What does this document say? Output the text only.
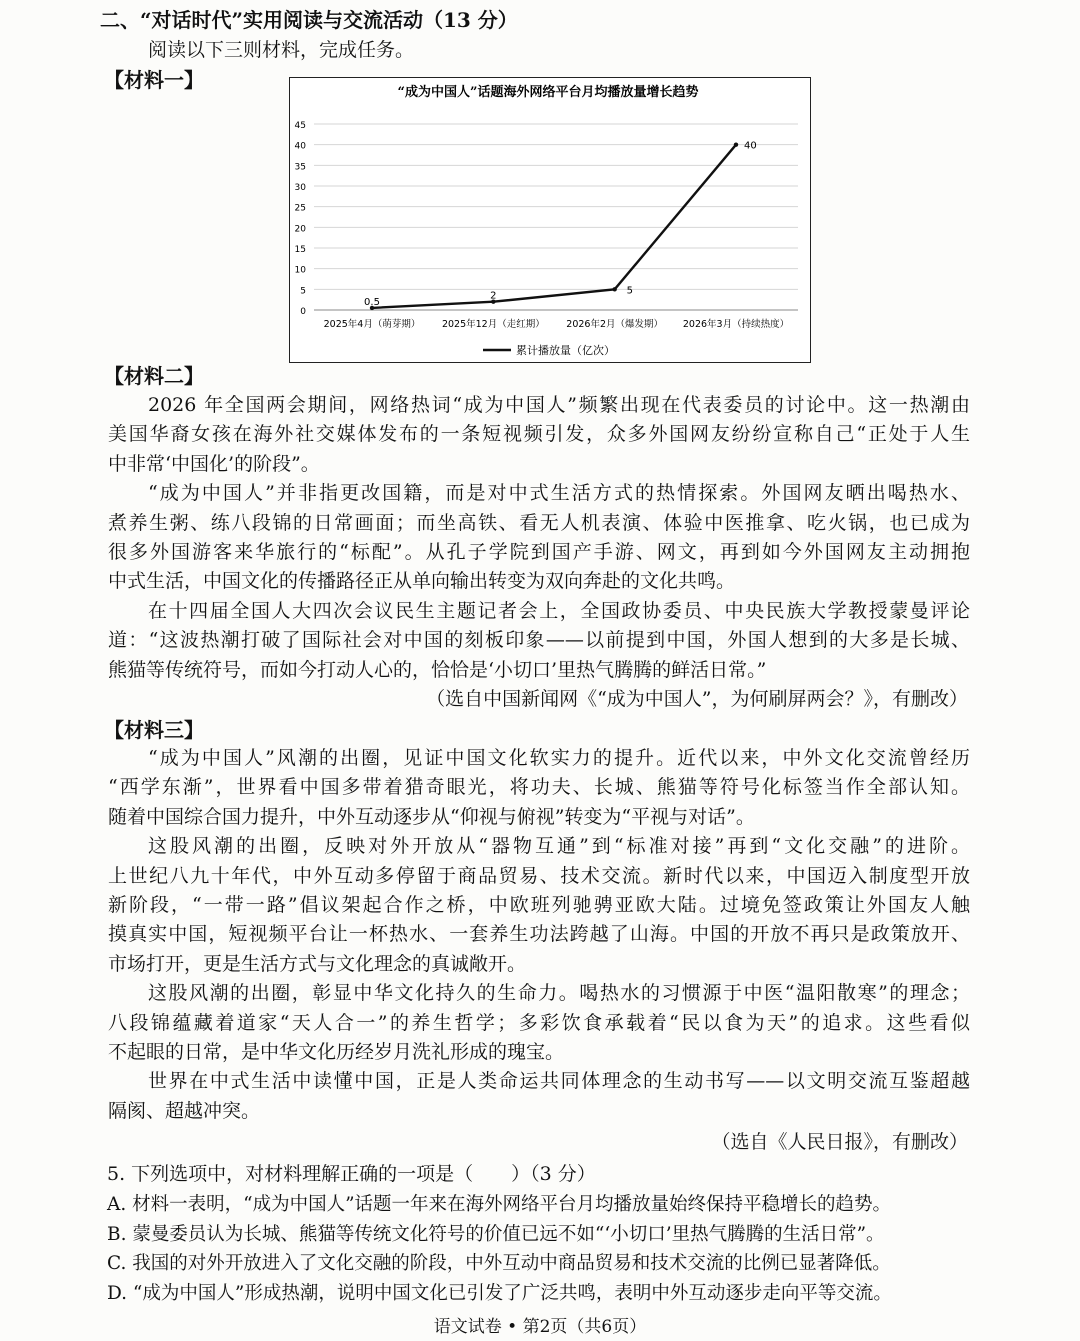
二、“对话时代”实用阅读与交流活动（13 分）
阅读以下三则材料，完成任务。
【材料一】
“成为中国人”话题海外网络平台月均播放量增长趋势
0
5
10
15
20
25
30
35
40
45
2025年4月（萌芽期） 2025年12月（走红期） 2026年2月（爆发期） 2026年3月（持续热度）
0.5
2	5
40
累计播放量（亿次）
【材料二】
2026 年全国两会期间，网络热词“成为中国人”频繁出现在代表委员的讨论中。这一热潮由
美国华裔女孩在海外社交媒体发布的一条短视频引发，众多外国网友纷纷宣称自己“正处于人生
中非常‘中国化’的阶段”。
“成为中国人”并非指更改国籍，而是对中式生活方式的热情探索。外国网友晒出喝热水、
煮养生粥、练八段锦的日常画面；而坐高铁、看无人机表演、体验中医推拿、吃火锅，也已成为
很多外国游客来华旅行的“标配”。从孔子学院到国产手游、网文，再到如今外国网友主动拥抱
中式生活，中国文化的传播路径正从单向输出转变为双向奔赴的文化共鸣。
在十四届全国人大四次会议民生主题记者会上，全国政协委员、中央民族大学教授蒙曼评论
道：“这波热潮打破了国际社会对中国的刻板印象——以前提到中国，外国人想到的大多是长城、
熊猫等传统符号，而如今打动人心的，恰恰是‘小切口’里热气腾腾的鲜活日常。”
（选自中国新闻网《“成为中国人”，为何刷屏两会？》，有删改）
【材料三】
“成为中国人”风潮的出圈，见证中国文化软实力的提升。近代以来，中外文化交流曾经历
“西学东渐”，世界看中国多带着猎奇眼光，将功夫、长城、熊猫等符号化标签当作全部认知。
随着中国综合国力提升，中外互动逐步从“仰视与俯视”转变为“平视与对话”。
这股风潮的出圈，反映对外开放从“器物互通”到“标准对接”再到“文化交融”的进阶。
上世纪八九十年代，中外互动多停留于商品贸易、技术交流。新时代以来，中国迈入制度型开放
新阶段，“一带一路”倡议架起合作之桥，中欧班列驰骋亚欧大陆。过境免签政策让外国友人触
摸真实中国，短视频平台让一杯热水、一套养生功法跨越了山海。中国的开放不再只是政策放开、
市场打开，更是生活方式与文化理念的真诚敞开。
这股风潮的出圈，彰显中华文化持久的生命力。喝热水的习惯源于中医“温阳散寒”的理念；
八段锦蕴藏着道家“天人合一”的养生哲学；多彩饮食承载着“民以食为天”的追求。这些看似
不起眼的日常，是中华文化历经岁月洗礼形成的瑰宝。
世界在中式生活中读懂中国，正是人类命运共同体理念的生动书写——以文明交流互鉴超越
隔阂、超越冲突。
（选自《人民日报》，有删改）
5. 下列选项中，对材料理解正确的一项是（　　）（3 分）
A. 材料一表明，“成为中国人”话题一年来在海外网络平台月均播放量始终保持平稳增长的趋势。
B. 蒙曼委员认为长城、熊猫等传统文化符号的价值已远不如“‘小切口’里热气腾腾的生活日常”。
C. 我国的对外开放进入了文化交融的阶段，中外互动中商品贸易和技术交流的比例已显著降低。
D. “成为中国人”形成热潮，说明中国文化已引发了广泛共鸣，表明中外互动逐步走向平等交流。
语文试卷 • 第2页（共6页）
